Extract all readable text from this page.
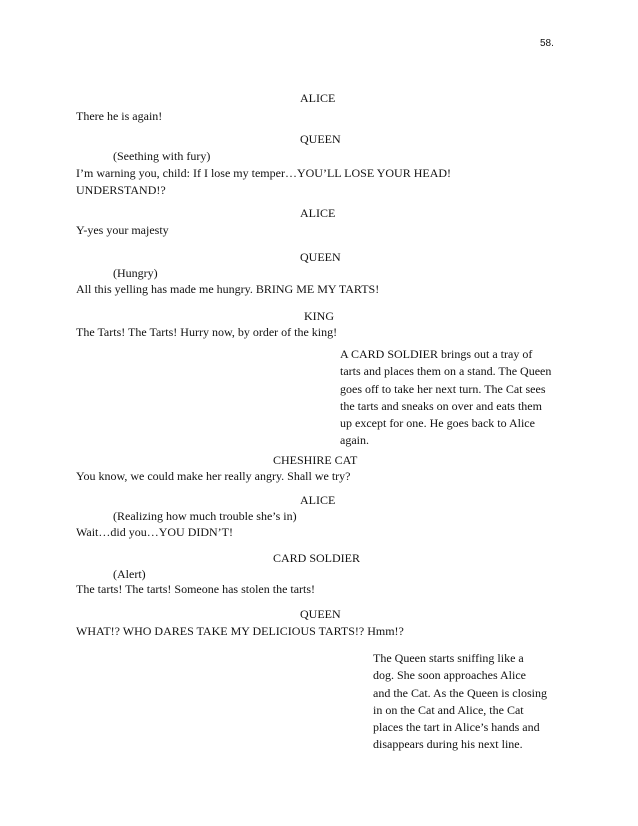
58.
ALICE
There he is again!
QUEEN
(Seething with fury)
I’m warning you, child: If I lose my temper…YOU’LL LOSE YOUR HEAD!
UNDERSTAND!?
ALICE
Y-yes your majesty
QUEEN
(Hungry)
All this yelling has made me hungry. BRING ME MY TARTS!
KING
The Tarts! The Tarts! Hurry now, by order of the king!
A CARD SOLDIER brings out a tray of
tarts and places them on a stand. The Queen
goes off to take her next turn. The Cat sees
the tarts and sneaks on over and eats them
up except for one. He goes back to Alice
again.
CHESHIRE CAT
You know, we could make her really angry. Shall we try?
ALICE
(Realizing how much trouble she’s in)
Wait…did you…YOU DIDN’T!
CARD SOLDIER
(Alert)
The tarts! The tarts! Someone has stolen the tarts!
QUEEN
WHAT!? WHO DARES TAKE MY DELICIOUS TARTS!? Hmm!?
The Queen starts sniffing like a
dog. She soon approaches Alice
and the Cat. As the Queen is closing
in on the Cat and Alice, the Cat
places the tart in Alice’s hands and
disappears during his next line.
